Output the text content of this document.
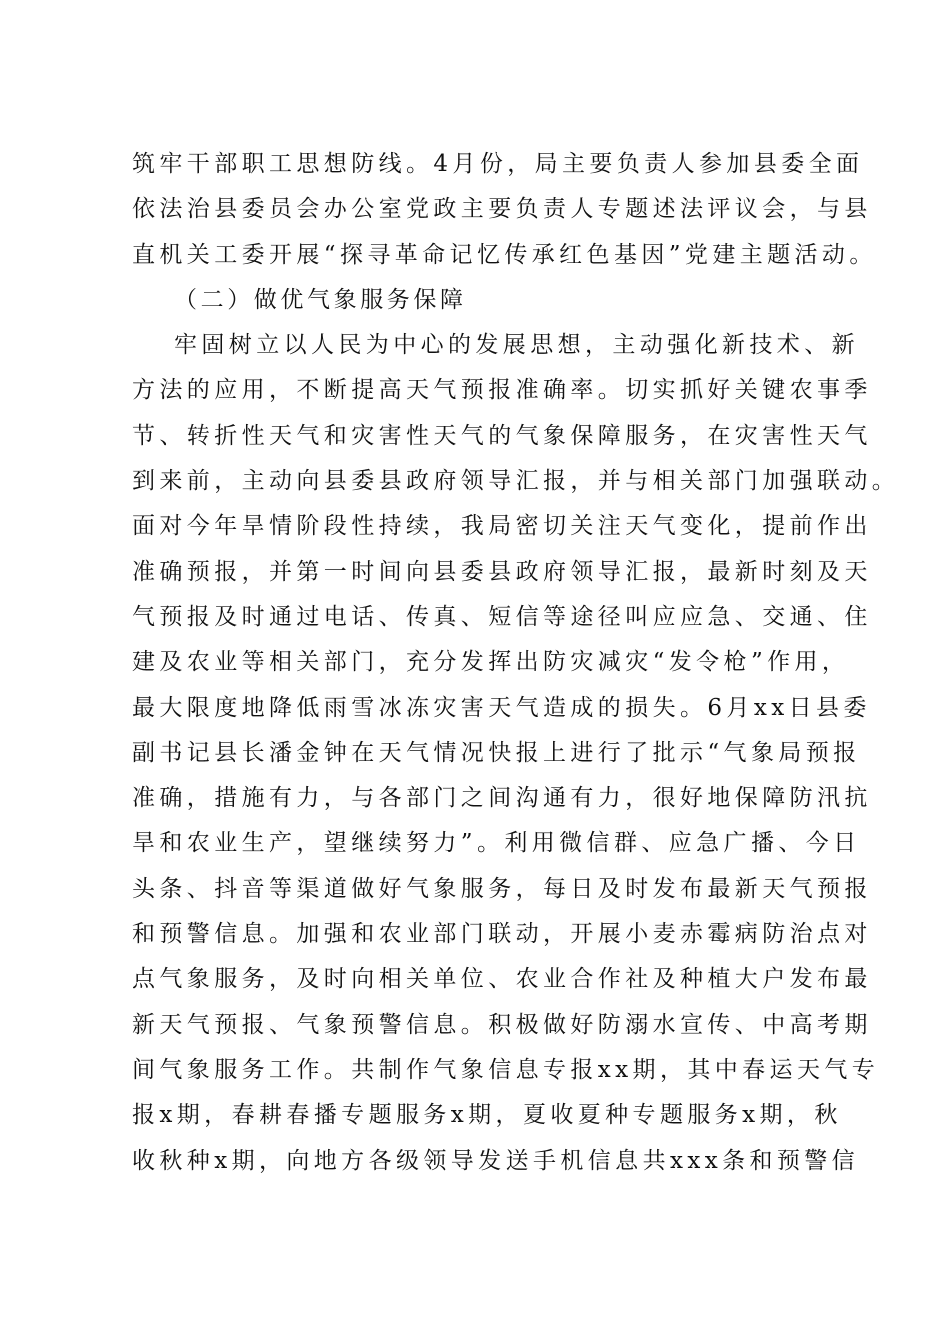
筑牢干部职工思想防线。4月份，局主要负责人参加县委全面
依法治县委员会办公室党政主要负责人专题述法评议会，与县
直机关工委开展“探寻革命记忆传承红色基因”党建主题活动。
（二）做优气象服务保障
牢固树立以人民为中心的发展思想，主动强化新技术、新
方法的应用，不断提高天气预报准确率。切实抓好关键农事季
节、转折性天气和灾害性天气的气象保障服务，在灾害性天气
到来前，主动向县委县政府领导汇报，并与相关部门加强联动。
面对今年旱情阶段性持续，我局密切关注天气变化，提前作出
准确预报，并第一时间向县委县政府领导汇报，最新时刻及天
气预报及时通过电话、传真、短信等途径叫应应急、交通、住
建及农业等相关部门，充分发挥出防灾减灾“发令枪”作用，
最大限度地降低雨雪冰冻灾害天气造成的损失。6月xx日县委
副书记县长潘金钟在天气情况快报上进行了批示“气象局预报
准确，措施有力，与各部门之间沟通有力，很好地保障防汛抗
旱和农业生产，望继续努力”。利用微信群、应急广播、今日
头条、抖音等渠道做好气象服务，每日及时发布最新天气预报
和预警信息。加强和农业部门联动，开展小麦赤霉病防治点对
点气象服务，及时向相关单位、农业合作社及种植大户发布最
新天气预报、气象预警信息。积极做好防溺水宣传、中高考期
间气象服务工作。共制作气象信息专报xx期，其中春运天气专
报x期，春耕春播专题服务x期，夏收夏种专题服务x期，秋
收秋种x期，向地方各级领导发送手机信息共xxx条和预警信
